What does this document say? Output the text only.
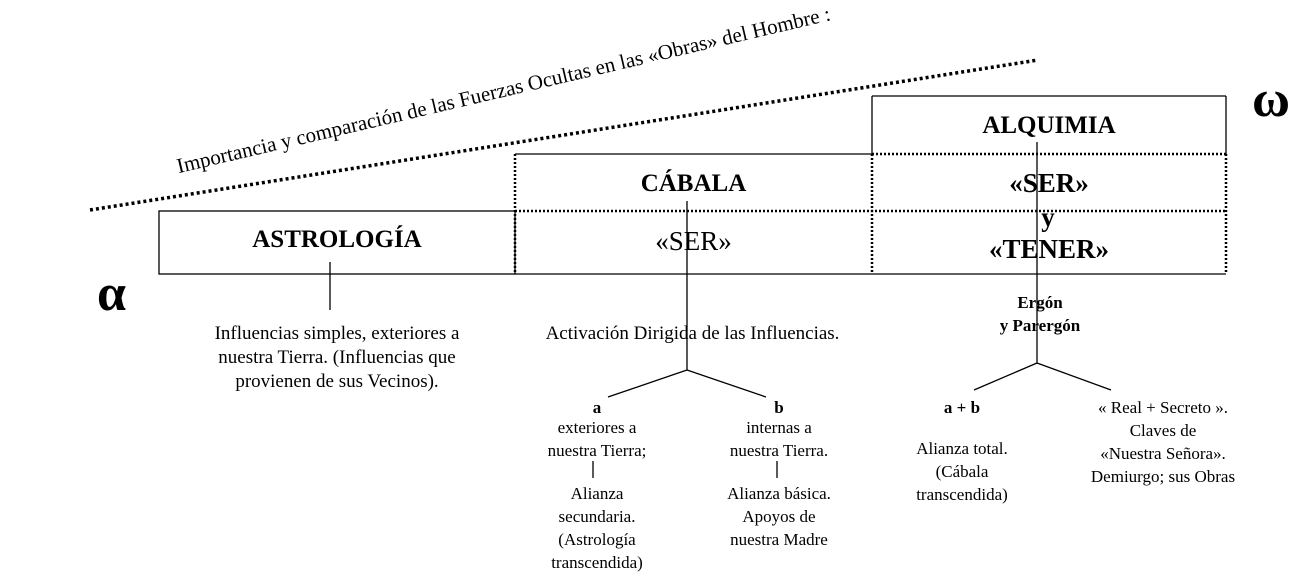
Importancia y comparación de las Fuerzas Ocultas en las «Obras» del Hombre :
α
ω
ASTROLOGÍA
CÁBALA
«SER»
ALQUIMIA
«SER»
y
«TENER»
Influencias simples, exteriores a
nuestra Tierra. (Influencias que
provienen de sus Vecinos).
Activación Dirigida de las Influencias.
a
exteriores a
nuestra Tierra;
Alianza
secundaria.
(Astrología
transcendida)
b
internas a
nuestra Tierra.
Alianza básica.
Apoyos de
nuestra Madre
Ergón
y Parergón
a + b
Alianza total.
(Cábala
transcendida)
« Real + Secreto ».
Claves de
«Nuestra Señora».
Demiurgo; sus Obras
